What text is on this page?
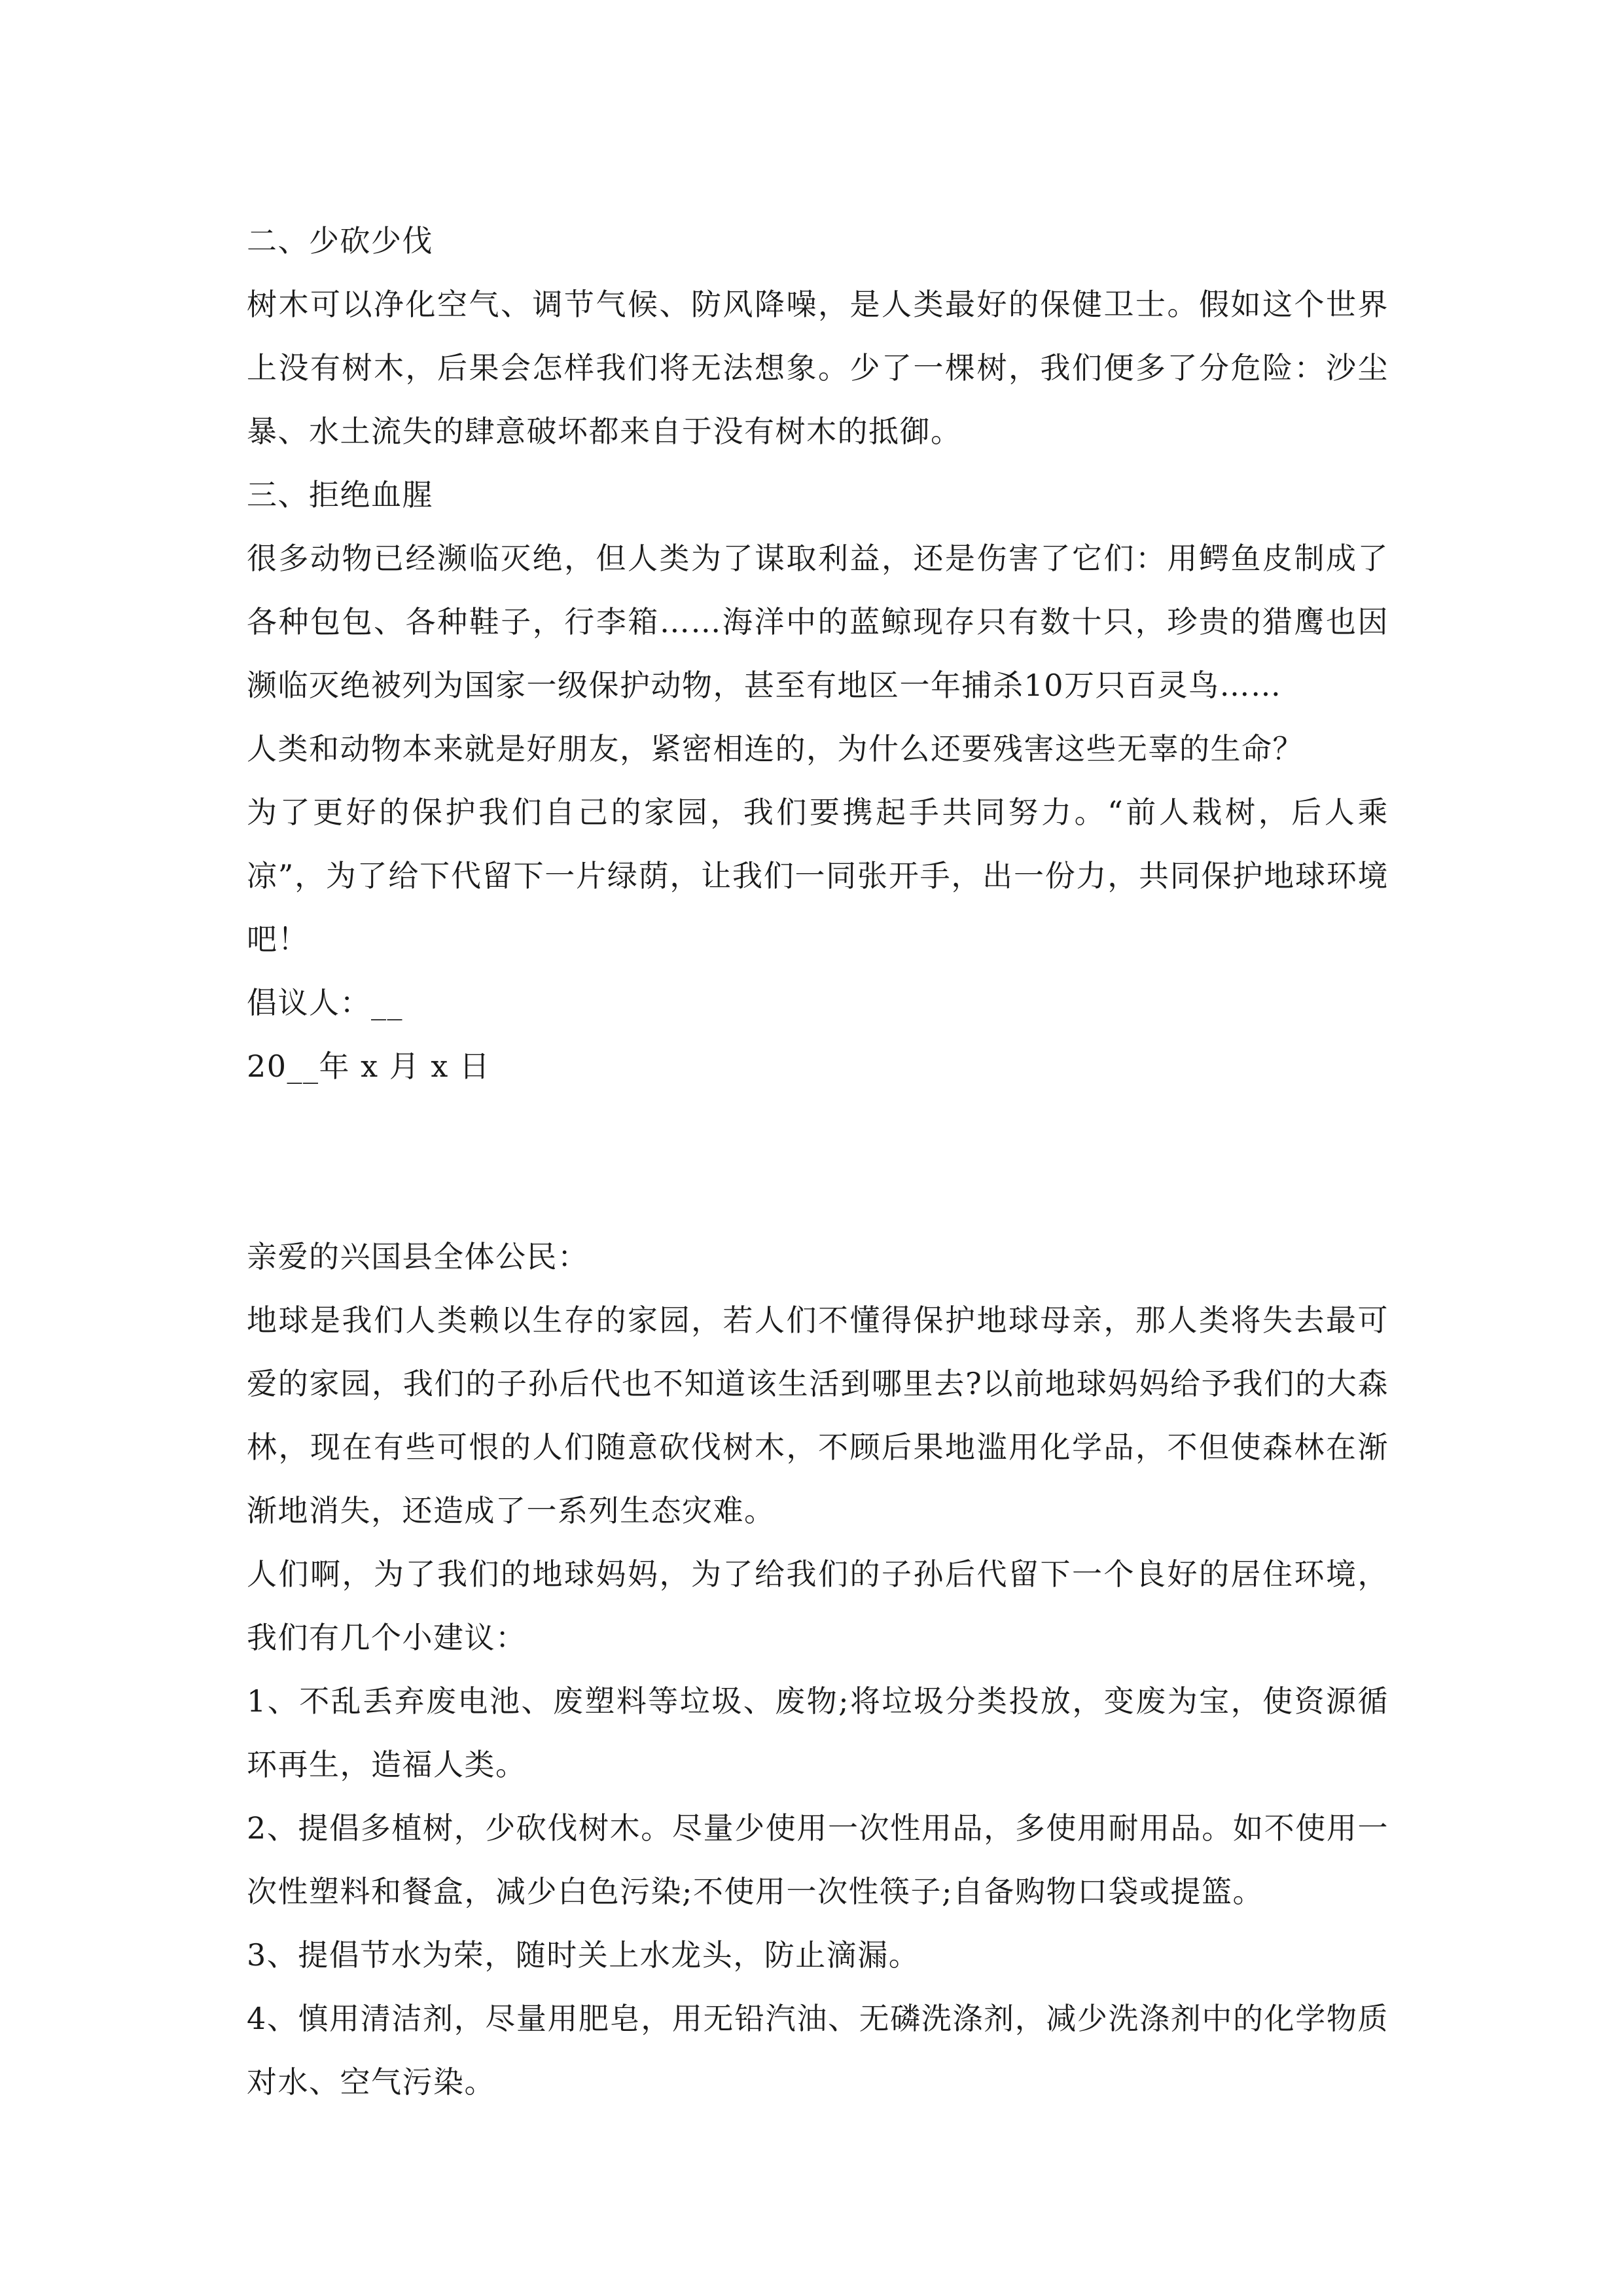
二、少砍少伐

树木可以净化空气、调节气候、防风降噪，是人类最好的保健卫士。假如这个世界上没有树木，后果会怎样我们将无法想象。少了一棵树，我们便多了分危险：沙尘暴、水土流失的肆意破坏都来自于没有树木的抵御。

三、拒绝血腥

很多动物已经濒临灭绝，但人类为了谋取利益，还是伤害了它们：用鳄鱼皮制成了各种包包、各种鞋子，行李箱……海洋中的蓝鲸现存只有数十只，珍贵的猎鹰也因濒临灭绝被列为国家一级保护动物，甚至有地区一年捕杀10万只百灵鸟……

人类和动物本来就是好朋友，紧密相连的，为什么还要残害这些无辜的生命？

为了更好的保护我们自己的家园，我们要携起手共同努力。“前人栽树，后人乘凉”，为了给下代留下一片绿荫，让我们一同张开手，出一份力，共同保护地球环境吧！

倡议人：__

20__年 x 月 x 日

亲爱的兴国县全体公民：

地球是我们人类赖以生存的家园，若人们不懂得保护地球母亲，那人类将失去最可爱的家园，我们的子孙后代也不知道该生活到哪里去?以前地球妈妈给予我们的大森林，现在有些可恨的人们随意砍伐树木，不顾后果地滥用化学品，不但使森林在渐渐地消失，还造成了一系列生态灾难。

人们啊，为了我们的地球妈妈，为了给我们的子孙后代留下一个良好的居住环境，我们有几个小建议：

1、不乱丢弃废电池、废塑料等垃圾、废物;将垃圾分类投放，变废为宝，使资源循环再生，造福人类。

2、提倡多植树，少砍伐树木。尽量少使用一次性用品，多使用耐用品。如不使用一次性塑料和餐盒，减少白色污染;不使用一次性筷子;自备购物口袋或提篮。

3、提倡节水为荣，随时关上水龙头，防止滴漏。

4、慎用清洁剂，尽量用肥皂，用无铅汽油、无磷洗涤剂，减少洗涤剂中的化学物质对水、空气污染。
